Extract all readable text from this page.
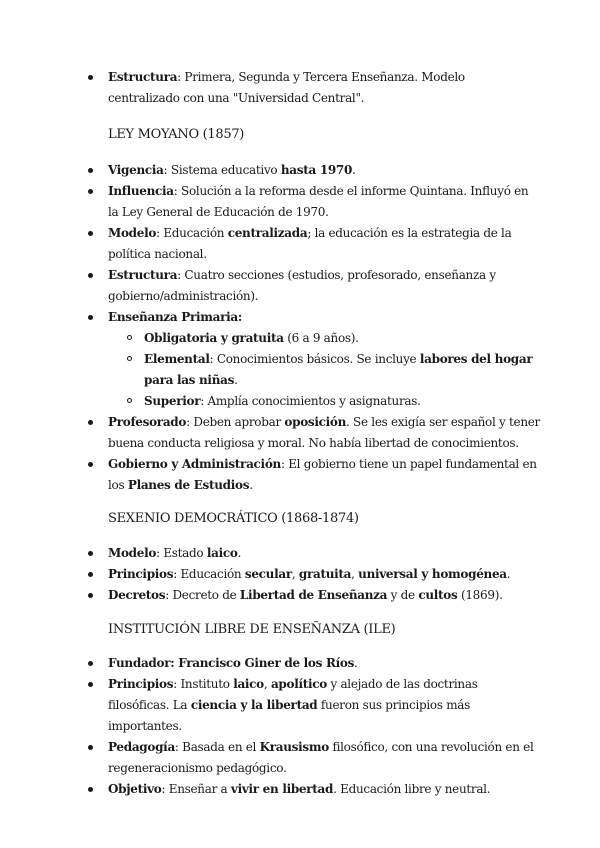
Estructura: Primera, Segunda y Tercera Enseñanza. Modelo centralizado con una "Universidad Central".
LEY MOYANO (1857)
Vigencia: Sistema educativo hasta 1970.
Influencia: Solución a la reforma desde el informe Quintana. Influyó en la Ley General de Educación de 1970.
Modelo: Educación centralizada; la educación es la estrategia de la política nacional.
Estructura: Cuatro secciones (estudios, profesorado, enseñanza y gobierno/administración).
Enseñanza Primaria:
Obligatoria y gratuita (6 a 9 años).
Elemental: Conocimientos básicos. Se incluye labores del hogar para las niñas.
Superior: Amplía conocimientos y asignaturas.
Profesorado: Deben aprobar oposición. Se les exigía ser español y tener buena conducta religiosa y moral. No había libertad de conocimientos.
Gobierno y Administración: El gobierno tiene un papel fundamental en los Planes de Estudios.
SEXENIO DEMOCRÁTICO (1868-1874)
Modelo: Estado laico.
Principios: Educación secular, gratuita, universal y homogénea.
Decretos: Decreto de Libertad de Enseñanza y de cultos (1869).
INSTITUCIÓN LIBRE DE ENSEÑANZA (ILE)
Fundador: Francisco Giner de los Ríos.
Principios: Instituto laico, apolítico y alejado de las doctrinas filosóficas. La ciencia y la libertad fueron sus principios más importantes.
Pedagogía: Basada en el Krausismo filosófico, con una revolución en el regeneracionismo pedagógico.
Objetivo: Enseñar a vivir en libertad. Educación libre y neutral.
